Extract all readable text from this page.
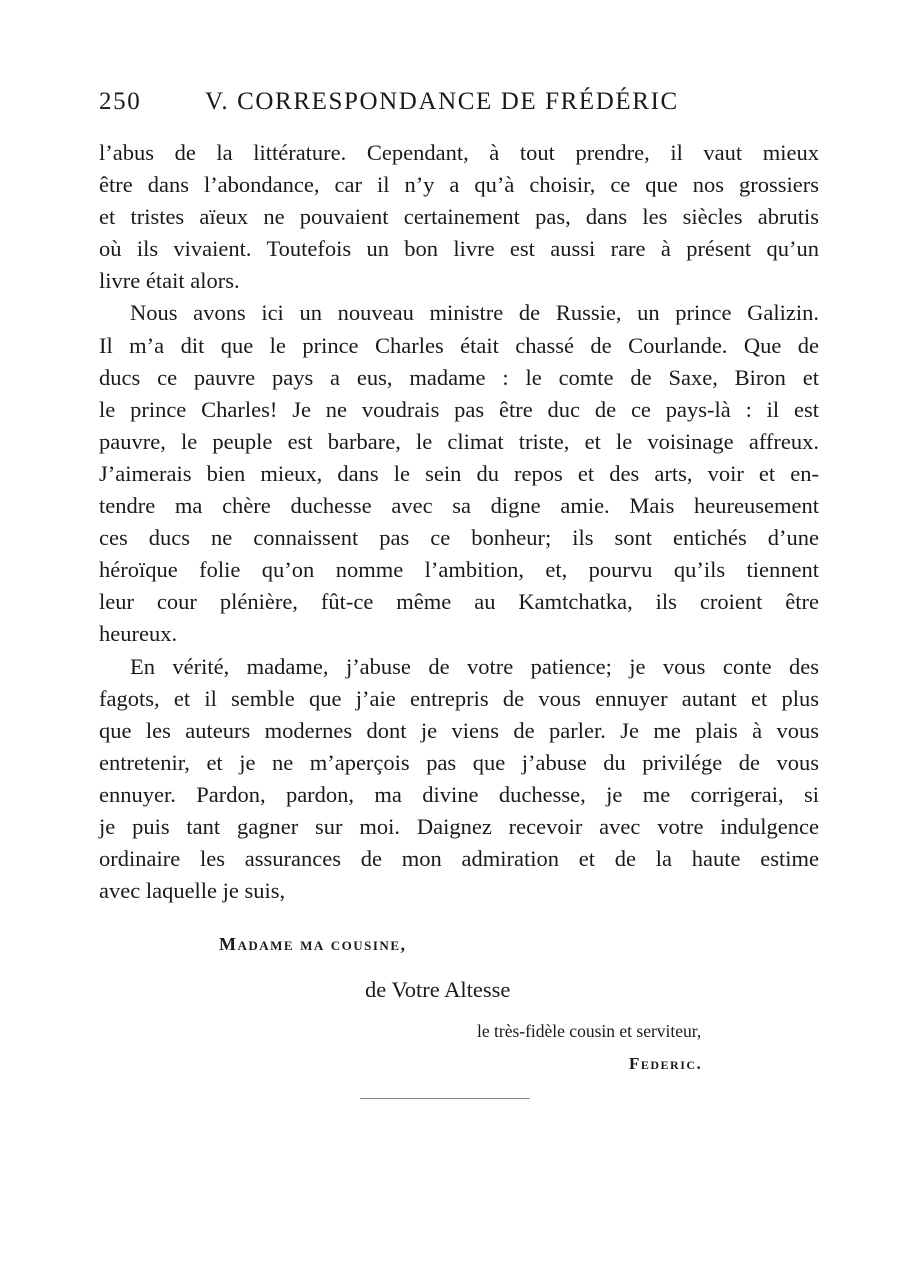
250	V. CORRESPONDANCE DE FRÉDÉRIC

l’abus de la littérature. Cependant, à tout prendre, il vaut mieux
être dans l’abondance, car il n’y a qu’à choisir, ce que nos grossiers
et tristes aïeux ne pouvaient certainement pas, dans les siècles abrutis
où ils vivaient. Toutefois un bon livre est aussi rare à présent qu’un
livre était alors.

Nous avons ici un nouveau ministre de Russie, un prince Galizin.
Il m’a dit que le prince Charles était chassé de Courlande. Que de
ducs ce pauvre pays a eus, madame : le comte de Saxe, Biron et
le prince Charles! Je ne voudrais pas être duc de ce pays-là : il est
pauvre, le peuple est barbare, le climat triste, et le voisinage affreux.
J’aimerais bien mieux, dans le sein du repos et des arts, voir et en-
tendre ma chère duchesse avec sa digne amie. Mais heureusement
ces ducs ne connaissent pas ce bonheur; ils sont entichés d’une
héroïque folie qu’on nomme l’ambition, et, pourvu qu’ils tiennent
leur cour plénière, fût-ce même au Kamtchatka, ils croient être
heureux.

En vérité, madame, j’abuse de votre patience; je vous conte des
fagots, et il semble que j’aie entrepris de vous ennuyer autant et plus
que les auteurs modernes dont je viens de parler. Je me plais à vous
entretenir, et je ne m’aperçois pas que j’abuse du privilége de vous
ennuyer. Pardon, pardon, ma divine duchesse, je me corrigerai, si
je puis tant gagner sur moi. Daignez recevoir avec votre indulgence
ordinaire les assurances de mon admiration et de la haute estime
avec laquelle je suis,

Madame ma cousine,
de Votre Altesse
le très-fidèle cousin et serviteur,
Federic.
